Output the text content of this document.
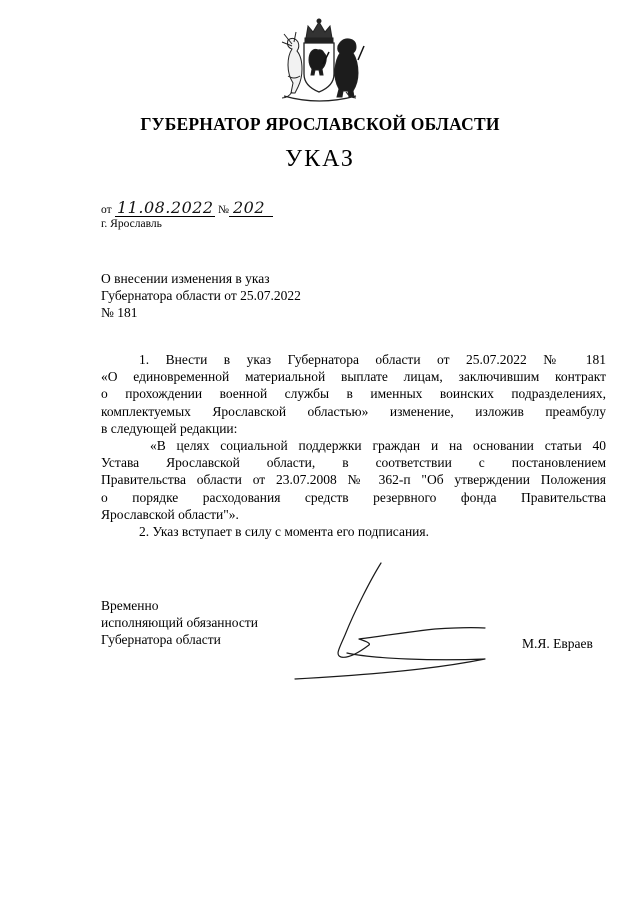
ГУБЕРНАТОР ЯРОСЛАВСКОЙ ОБЛАСТИ
УКАЗ
от 11.08.2022 № 202
г. Ярославль
О внесении изменения в указ
Губернатора области от 25.07.2022
№ 181
1. Внести в указ Губернатора области от 25.07.2022 № 181
«О единовременной материальной выплате лицам, заключившим контракт
о прохождении военной службы в именных воинских подразделениях,
комплектуемых Ярославской областью» изменение, изложив преамбулу
в следующей редакции:
«В целях социальной поддержки граждан и на основании статьи 40
Устава Ярославской области, в соответствии с постановлением
Правительства области от 23.07.2008 № 362-п "Об утверждении Положения
о порядке расходования средств резервного фонда Правительства
Ярославской области"».
2. Указ вступает в силу с момента его подписания.
Временно
исполняющий обязанности
Губернатора области	М.Я. Евраев
